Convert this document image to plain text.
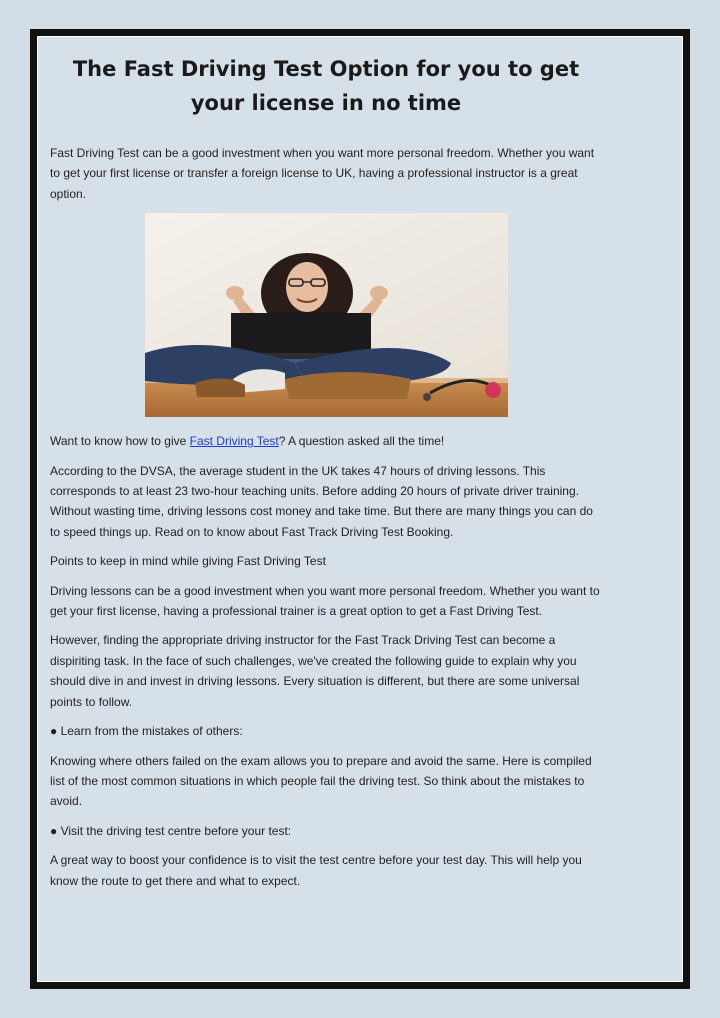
The Fast Driving Test Option for you to get your license in no time

Fast Driving Test can be a good investment when you want more personal freedom. Whether you want to get your first license or transfer a foreign license to UK, having a professional instructor is a great option.

Want to know how to give Fast Driving Test? A question asked all the time!

According to the DVSA, the average student in the UK takes 47 hours of driving lessons. This corresponds to at least 23 two-hour teaching units. Before adding 20 hours of private driver training. Without wasting time, driving lessons cost money and take time. But there are many things you can do to speed things up. Read on to know about Fast Track Driving Test Booking.

Points to keep in mind while giving Fast Driving Test

Driving lessons can be a good investment when you want more personal freedom. Whether you want to get your first license, having a professional trainer is a great option to get a Fast Driving Test.

However, finding the appropriate driving instructor for the Fast Track Driving Test can become a dispiriting task. In the face of such challenges, we've created the following guide to explain why you should dive in and invest in driving lessons. Every situation is different, but there are some universal points to follow.

● Learn from the mistakes of others:

Knowing where others failed on the exam allows you to prepare and avoid the same. Here is compiled list of the most common situations in which people fail the driving test. So think about the mistakes to avoid.

● Visit the driving test centre before your test:

A great way to boost your confidence is to visit the test centre before your test day. This will help you know the route to get there and what to expect.
